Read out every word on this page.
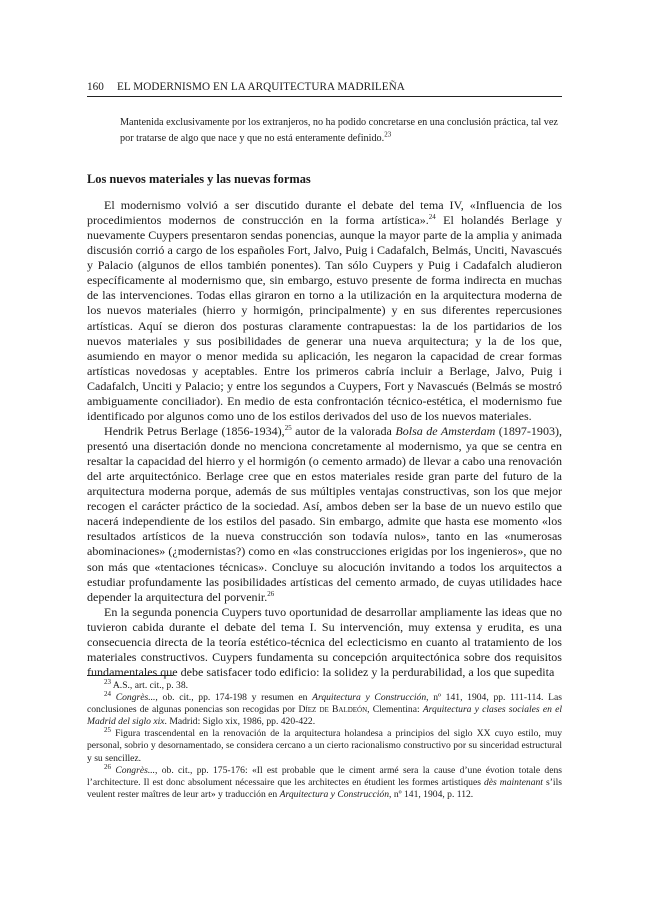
160 EL MODERNISMO EN LA ARQUITECTURA MADRILEÑA
Mantenida exclusivamente por los extranjeros, no ha podido concretarse en una conclusión práctica, tal vez por tratarse de algo que nace y que no está enteramente definido.$^{23}$
Los nuevos materiales y las nuevas formas

El modernismo volvió a ser discutido durante el debate del tema IV, «Influencia de los procedimientos modernos de construcción en la forma artística».$^{24}$ El holandés Berlage y nuevamente Cuypers presentaron sendas ponencias, aunque la mayor parte de la amplia y animada discusión corrió a cargo de los españoles Fort, Jalvo, Puig i Cadafalch, Belmás, Unciti, Navascués y Palacio (algunos de ellos también ponentes). Tan sólo Cuypers y Puig i Cadafalch aludieron específicamente al modernismo que, sin embargo, estuvo presente de forma indirecta en muchas de las intervenciones. Todas ellas giraron en torno a la utilización en la arquitectura moderna de los nuevos materiales (hierro y hormigón, principalmente) y en sus diferentes repercusiones artísticas. Aquí se dieron dos posturas claramente contrapuestas: la de los partidarios de los nuevos materiales y sus posibilidades de generar una nueva arquitectura; y la de los que, asumiendo en mayor o menor medida su aplicación, les negaron la capacidad de crear formas artísticas novedosas y aceptables. Entre los primeros cabría incluir a Berlage, Jalvo, Puig i Cadafalch, Unciti y Palacio; y entre los segundos a Cuypers, Fort y Navascués (Belmás se mostró ambiguamente conciliador). En medio de esta confrontación técnico-estética, el modernismo fue identificado por algunos como uno de los estilos derivados del uso de los nuevos materiales.

Hendrik Petrus Berlage (1856-1934),$^{25}$ autor de la valorada Bolsa de Amsterdam (1897-1903), presentó una disertación donde no menciona concretamente al modernismo, ya que se centra en resaltar la capacidad del hierro y el hormigón (o cemento armado) de llevar a cabo una renovación del arte arquitectónico. Berlage cree que en estos materiales reside gran parte del futuro de la arquitectura moderna porque, además de sus múltiples ventajas constructivas, son los que mejor recogen el carácter práctico de la sociedad. Así, ambos deben ser la base de un nuevo estilo que nacerá independiente de los estilos del pasado. Sin embargo, admite que hasta ese momento «los resultados artísticos de la nueva construcción son todavía nulos», tanto en las «numerosas abominaciones» (¿modernistas?) como en «las construcciones erigidas por los ingenieros», que no son más que «tentaciones técnicas». Concluye su alocución invitando a todos los arquitectos a estudiar profundamente las posibilidades artísticas del cemento armado, de cuyas utilidades hace depender la arquitectura del porvenir.$^{26}$

En la segunda ponencia Cuypers tuvo oportunidad de desarrollar ampliamente las ideas que no tuvieron cabida durante el debate del tema I. Su intervención, muy extensa y erudita, es una consecuencia directa de la teoría estético-técnica del eclecticismo en cuanto al tratamiento de los materiales constructivos. Cuypers fundamenta su concepción arquitectónica sobre dos requisitos fundamentales que debe satisfacer todo edificio: la solidez y la perdurabilidad, a los que supedita

$^{23}$ A.S., art. cit., p. 38.

$^{24}$ Congrès..., ob. cit., pp. 174-198 y resumen en Arquitectura y Construcción, nº 141, 1904, pp. 111-114. Las conclusiones de algunas ponencias son recogidas por Díez de Baldeón, Clementina: Arquitectura y clases sociales en el Madrid del siglo xix. Madrid: Siglo xix, 1986, pp. 420-422.

$^{25}$ Figura trascendental en la renovación de la arquitectura holandesa a principios del siglo XX cuyo estilo, muy personal, sobrio y desornamentado, se considera cercano a un cierto racionalismo constructivo por su sinceridad estructural y su sencillez.

$^{26}$ Congrès..., ob. cit., pp. 175-176: «Il est probable que le ciment armé sera la cause d’une évotion totale dens l’architecture. Il est donc absolument nécessaire que les architectes en étudient les formes artistiques dès maintenant s’ils veulent rester maîtres de leur art» y traducción en Arquitectura y Construcción, nº 141, 1904, p. 112.
